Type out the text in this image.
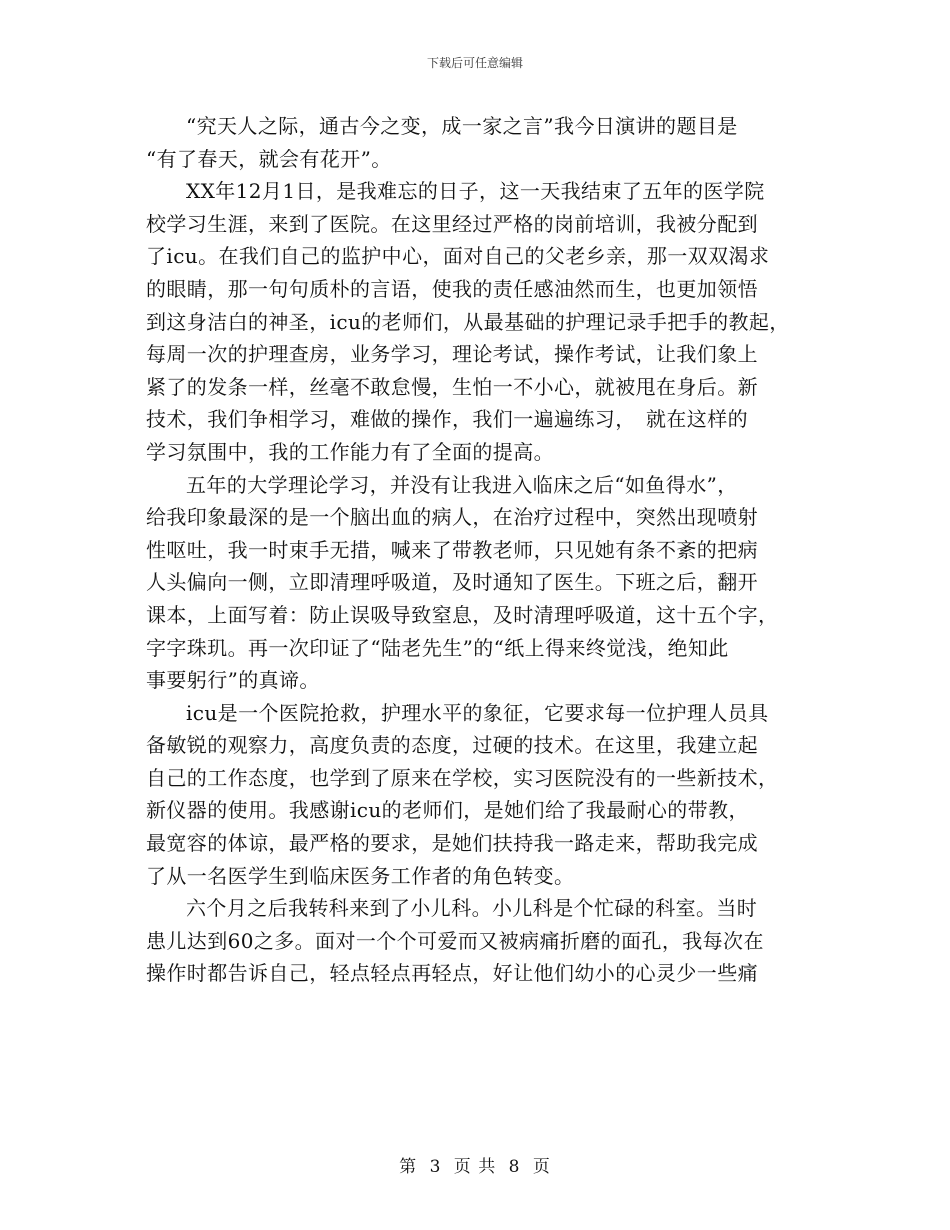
下载后可任意编辑
“究天人之际，通古今之变，成一家之言”我今日演讲的题目是
“有了春天，就会有花开”。
XX年12月1日，是我难忘的日子，这一天我结束了五年的医学院
校学习生涯，来到了医院。在这里经过严格的岗前培训，我被分配到
了icu。在我们自己的监护中心，面对自己的父老乡亲，那一双双渴求
的眼睛，那一句句质朴的言语，使我的责任感油然而生，也更加领悟
到这身洁白的神圣，icu的老师们，从最基础的护理记录手把手的教起，
每周一次的护理查房，业务学习，理论考试，操作考试，让我们象上
紧了的发条一样，丝毫不敢怠慢，生怕一不小心，就被甩在身后。新
技术，我们争相学习，难做的操作，我们一遍遍练习，　就在这样的
学习氛围中，我的工作能力有了全面的提高。
五年的大学理论学习，并没有让我进入临床之后“如鱼得水”，
给我印象最深的是一个脑出血的病人，在治疗过程中，突然出现喷射
性呕吐，我一时束手无措，喊来了带教老师，只见她有条不紊的把病
人头偏向一侧，立即清理呼吸道，及时通知了医生。下班之后，翻开
课本，上面写着：防止误吸导致窒息，及时清理呼吸道，这十五个字，
字字珠玑。再一次印证了“陆老先生”的“纸上得来终觉浅，绝知此
事要躬行”的真谛。
icu是一个医院抢救，护理水平的象征，它要求每一位护理人员具
备敏锐的观察力，高度负责的态度，过硬的技术。在这里，我建立起
自己的工作态度，也学到了原来在学校，实习医院没有的一些新技术，
新仪器的使用。我感谢icu的老师们，是她们给了我最耐心的带教，
最宽容的体谅，最严格的要求，是她们扶持我一路走来，帮助我完成
了从一名医学生到临床医务工作者的角色转变。
六个月之后我转科来到了小儿科。小儿科是个忙碌的科室。当时
患儿达到60之多。面对一个个可爱而又被病痛折磨的面孔，我每次在
操作时都告诉自己，轻点轻点再轻点，好让他们幼小的心灵少一些痛
第 3 页 共 8 页
